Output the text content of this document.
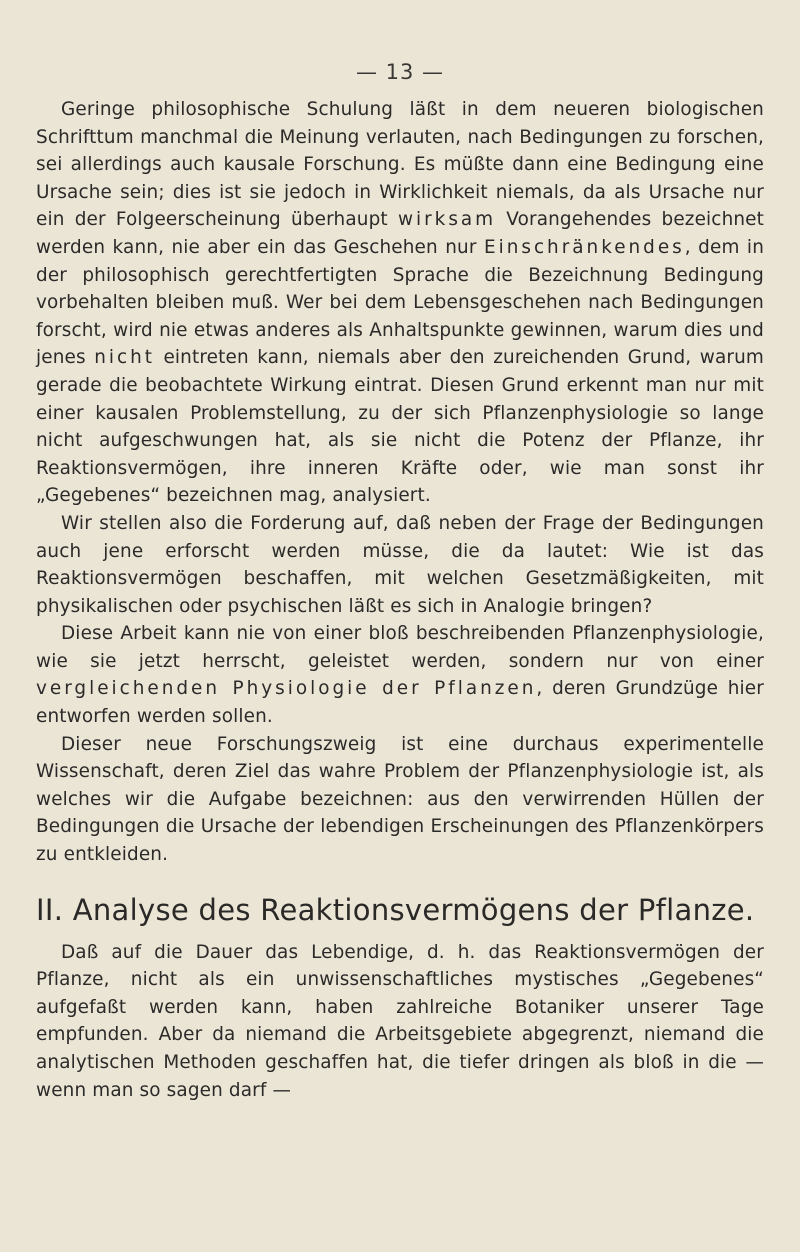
— 13 —

Geringe philosophische Schulung läßt in dem neueren biologischen Schrifttum manchmal die Meinung verlauten, nach Bedingungen zu forschen, sei allerdings auch kausale Forschung. Es müßte dann eine Bedingung eine Ursache sein; dies ist sie jedoch in Wirklichkeit niemals, da als Ursache nur ein der Folgeerscheinung überhaupt wirksam Vorangehendes bezeichnet werden kann, nie aber ein das Geschehen nur Einschränkendes, dem in der philosophisch gerechtfertigten Sprache die Bezeichnung Bedingung vorbehalten bleiben muß. Wer bei dem Lebensgeschehen nach Bedingungen forscht, wird nie etwas anderes als Anhaltspunkte gewinnen, warum dies und jenes nicht eintreten kann, niemals aber den zureichenden Grund, warum gerade die beobachtete Wirkung eintrat. Diesen Grund erkennt man nur mit einer kausalen Problemstellung, zu der sich Pflanzenphysiologie so lange nicht aufgeschwungen hat, als sie nicht die Potenz der Pflanze, ihr Reaktionsvermögen, ihre inneren Kräfte oder, wie man sonst ihr „Gegebenes“ bezeichnen mag, analysiert.

Wir stellen also die Forderung auf, daß neben der Frage der Bedingungen auch jene erforscht werden müsse, die da lautet: Wie ist das Reaktionsvermögen beschaffen, mit welchen Gesetzmäßigkeiten, mit physikalischen oder psychischen läßt es sich in Analogie bringen?

Diese Arbeit kann nie von einer bloß beschreibenden Pflanzenphysiologie, wie sie jetzt herrscht, geleistet werden, sondern nur von einer vergleichenden Physiologie der Pflanzen, deren Grundzüge hier entworfen werden sollen.

Dieser neue Forschungszweig ist eine durchaus experimentelle Wissenschaft, deren Ziel das wahre Problem der Pflanzenphysiologie ist, als welches wir die Aufgabe bezeichnen: aus den verwirrenden Hüllen der Bedingungen die Ursache der lebendigen Erscheinungen des Pflanzenkörpers zu entkleiden.

II. Analyse des Reaktionsvermögens der Pflanze.

Daß auf die Dauer das Lebendige, d. h. das Reaktionsvermögen der Pflanze, nicht als ein unwissenschaftliches mystisches „Gegebenes“ aufgefaßt werden kann, haben zahlreiche Botaniker unserer Tage empfunden. Aber da niemand die Arbeitsgebiete abgegrenzt, niemand die analytischen Methoden geschaffen hat, die tiefer dringen als bloß in die — wenn man so sagen darf —
